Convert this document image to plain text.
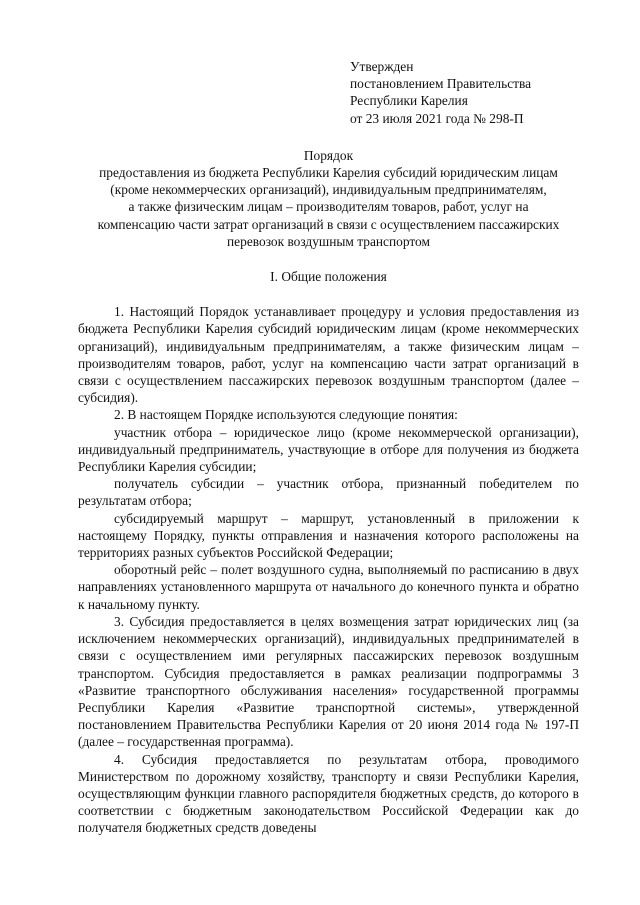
Утвержден
постановлением Правительства
Республики Карелия
от 23 июля 2021 года № 298-П
Порядок
предоставления из бюджета Республики Карелия субсидий юридическим лицам
(кроме некоммерческих организаций), индивидуальным предпринимателям,
а также физическим лицам – производителям товаров, работ, услуг на
компенсацию части затрат организаций в связи с осуществлением пассажирских
перевозок воздушным транспортом
I. Общие положения

1. Настоящий Порядок устанавливает процедуру и условия предоставления из бюджета Республики Карелия субсидий юридическим лицам (кроме некоммерческих организаций), индивидуальным предпринимателям, а также физическим лицам – производителям товаров, работ, услуг на компенсацию части затрат организаций в связи с осуществлением пассажирских перевозок воздушным транспортом (далее – субсидия).

2. В настоящем Порядке используются следующие понятия:

участник отбора – юридическое лицо (кроме некоммерческой организации), индивидуальный предприниматель, участвующие в отборе для получения из бюджета Республики Карелия субсидии;

получатель субсидии – участник отбора, признанный победителем по результатам отбора;

субсидируемый маршрут – маршрут, установленный в приложении к настоящему Порядку, пункты отправления и назначения которого расположены на территориях разных субъектов Российской Федерации;

оборотный рейс – полет воздушного судна, выполняемый по расписанию в двух направлениях установленного маршрута от начального до конечного пункта и обратно к начальному пункту.

3. Субсидия предоставляется в целях возмещения затрат юридических лиц (за исключением некоммерческих организаций), индивидуальных предпринимателей в связи с осуществлением ими регулярных пассажирских перевозок воздушным транспортом. Субсидия предоставляется в рамках реализации подпрограммы 3 «Развитие транспортного обслуживания населения» государственной программы Республики Карелия «Развитие транспортной системы», утвержденной постановлением Правительства Республики Карелия от 20 июня 2014 года № 197-П (далее – государственная программа).

4. Субсидия предоставляется по результатам отбора, проводимого Министерством по дорожному хозяйству, транспорту и связи Республики Карелия, осуществляющим функции главного распорядителя бюджетных средств, до которого в соответствии с бюджетным законодательством Российской Федерации как до получателя бюджетных средств доведены
